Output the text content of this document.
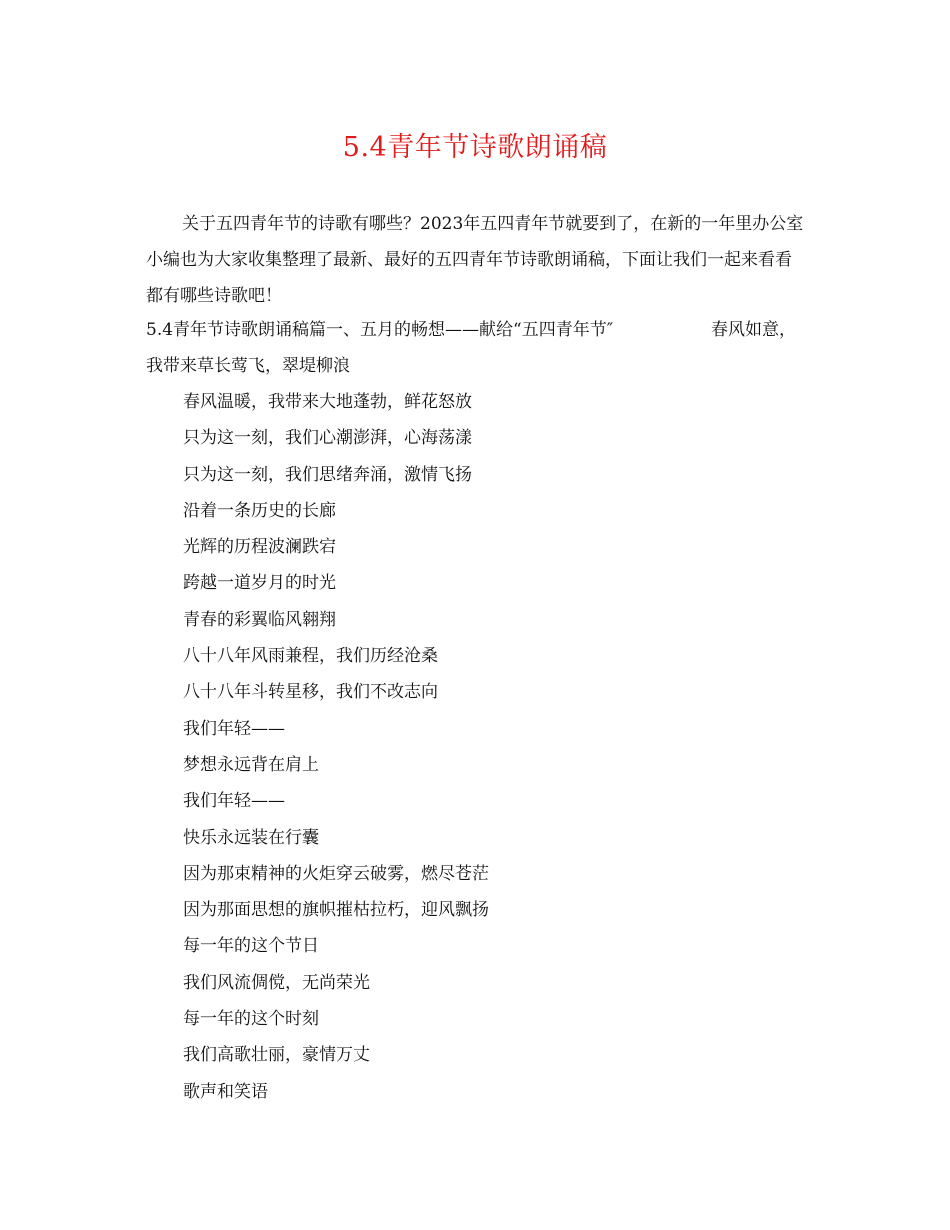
5.4青年节诗歌朗诵稿

关于五四青年节的诗歌有哪些？2023年五四青年节就要到了，在新的一年里办公室小编也为大家收集整理了最新、最好的五四青年节诗歌朗诵稿，下面让我们一起来看看都有哪些诗歌吧！

5.4青年节诗歌朗诵稿篇一、五月的畅想——献给“五四青年节″	春风如意，
我带来草长莺飞，翠堤柳浪
春风温暖，我带来大地蓬勃，鲜花怒放
只为这一刻，我们心潮澎湃，心海荡漾
只为这一刻，我们思绪奔涌，激情飞扬
沿着一条历史的长廊
光辉的历程波澜跌宕
跨越一道岁月的时光
青春的彩翼临风翱翔
八十八年风雨兼程，我们历经沧桑
八十八年斗转星移，我们不改志向
我们年轻——
梦想永远背在肩上
我们年轻——
快乐永远装在行囊
因为那束精神的火炬穿云破雾，燃尽苍茫
因为那面思想的旗帜摧枯拉朽，迎风飘扬
每一年的这个节日
我们风流倜傥，无尚荣光
每一年的这个时刻
我们高歌壮丽，豪情万丈
歌声和笑语
